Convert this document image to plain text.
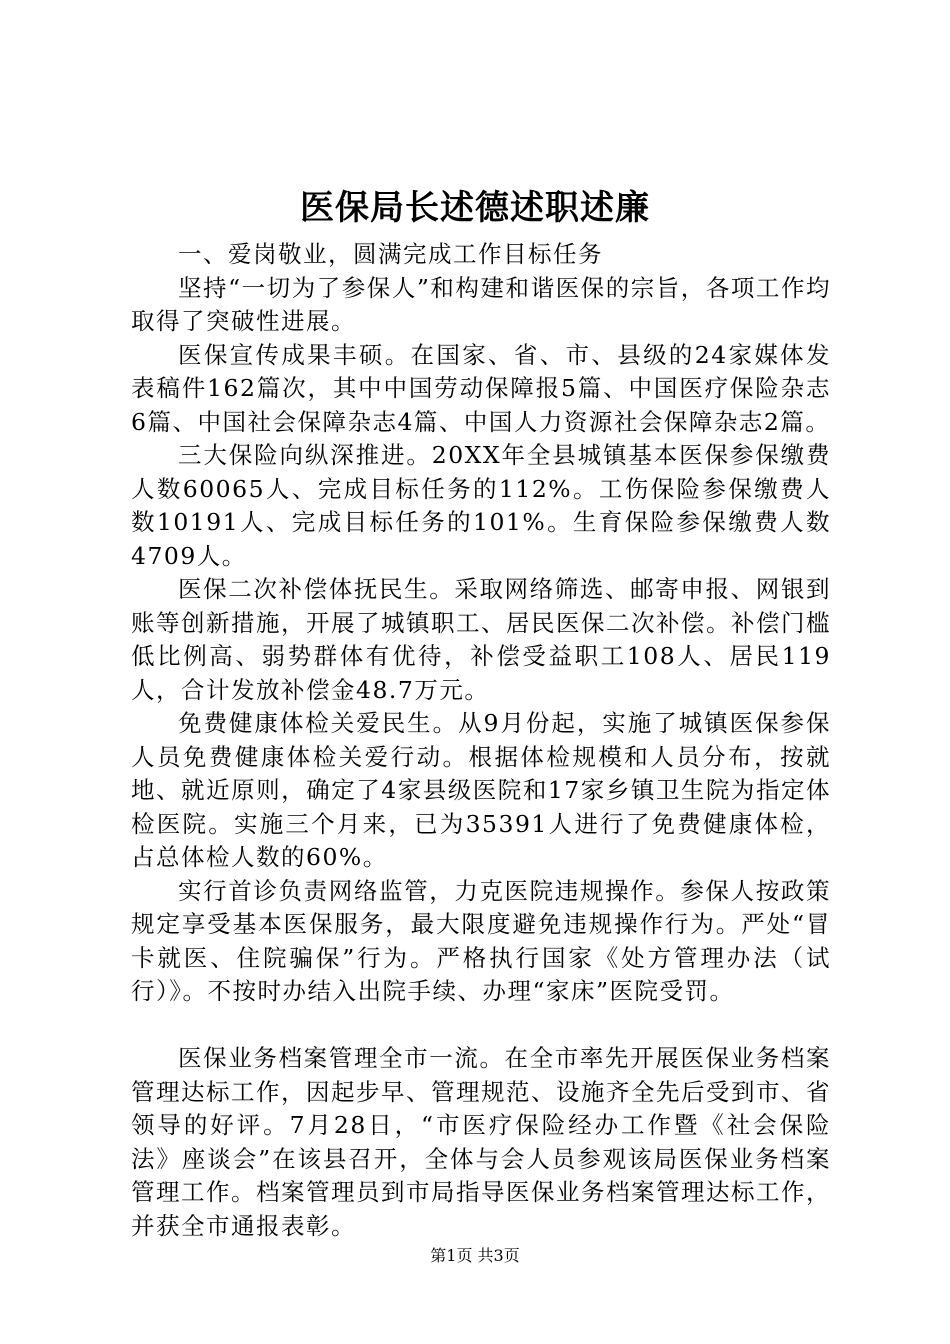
医保局长述德述职述廉

一、爱岗敬业，圆满完成工作目标任务

坚持“一切为了参保人”和构建和谐医保的宗旨，各项工作均取得了突破性进展。

医保宣传成果丰硕。在国家、省、市、县级的24家媒体发表稿件162篇次，其中中国劳动保障报5篇、中国医疗保险杂志6篇、中国社会保障杂志4篇、中国人力资源社会保障杂志2篇。

三大保险向纵深推进。20XX年全县城镇基本医保参保缴费人数60065人、完成目标任务的112%。工伤保险参保缴费人数10191人、完成目标任务的101%。生育保险参保缴费人数4709人。

医保二次补偿体抚民生。采取网络筛选、邮寄申报、网银到账等创新措施，开展了城镇职工、居民医保二次补偿。补偿门槛低比例高、弱势群体有优待，补偿受益职工108人、居民119人，合计发放补偿金48.7万元。

免费健康体检关爱民生。从9月份起，实施了城镇医保参保人员免费健康体检关爱行动。根据体检规模和人员分布，按就地、就近原则，确定了4家县级医院和17家乡镇卫生院为指定体检医院。实施三个月来，已为35391人进行了免费健康体检，占总体检人数的60%。

实行首诊负责网络监管，力克医院违规操作。参保人按政策规定享受基本医保服务，最大限度避免违规操作行为。严处“冒卡就医、住院骗保”行为。严格执行国家《处方管理办法（试行）》。不按时办结入出院手续、办理“家床”医院受罚。

医保业务档案管理全市一流。在全市率先开展医保业务档案管理达标工作，因起步早、管理规范、设施齐全先后受到市、省领导的好评。7月28日，“市医疗保险经办工作暨《社会保险法》座谈会”在该县召开，全体与会人员参观该局医保业务档案管理工作。档案管理员到市局指导医保业务档案管理达标工作，并获全市通报表彰。

第1页 共3页
